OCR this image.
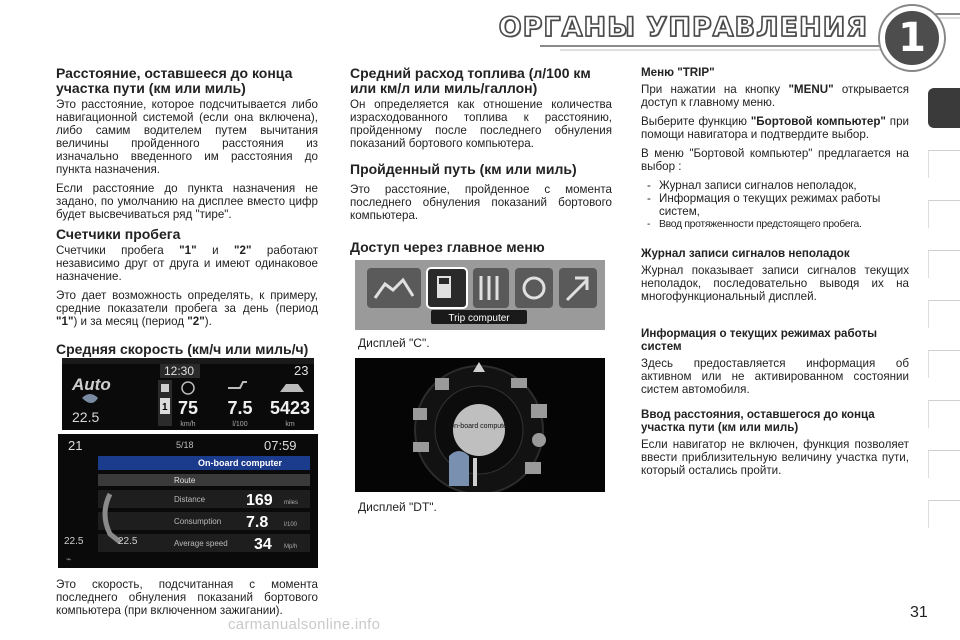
ОРГАНЫ УПРАВЛЕНИЯ 1
Расстояние, оставшееся до конца участка пути (км или миль)

Это расстояние, которое подсчитывается либо навигационной системой (если она включена), либо самим водителем путем вычитания величины пройденного расстояния из изначально введенного им расстояния до пункта назначения.

Если расстояние до пункта назначения не задано, по умолчанию на дисплее вместо цифр будет высвечиваться ряд "тире".

Счетчики пробега

Счетчики пробега "1" и "2" работают независимо друг от друга и имеют одинаковое назначение.

Это дает возможность определять, к примеру, средние показатели пробега за день (период "1") и за месяц (период "2").

Средняя скорость (км/ч или миль/ч)
Auto
22.5
12:30	23
1 75
km/h
7.5
l/100
5423
km
21	5/18	07:59
On-board computer
Route
Distance	169 miles
Consumption 7.8	l/100
Average speed 34 Mp/h
22.5
⌁
22.5

Это скорость, подсчитанная с момента последнего обнуления показаний бортового компьютера (при включенном зажигании).

Средний расход топлива (л/100 км или км/л или миль/галлон)

Он определяется как отношение количества израсходованного топлива к расстоянию, пройденному после последнего обнуления показаний бортового компьютера.

Пройденный путь (км или миль)

Это расстояние, пройденное с момента последнего обнуления показаний бортового компьютера.

Доступ через главное меню
Trip computer
Дисплей "C".
On-board computer
Дисплей "DT".
Меню "TRIP"

При нажатии на кнопку "MENU" открывается доступ к главному меню.

Выберите функцию "Бортовой компьютер" при помощи навигатора и подтвердите выбор.

В меню "Бортовой компьютер" предлагается на выбор :

- Журнал записи сигналов неполадок,
- Информация о текущих режимах работы систем,
- Ввод протяженности предстоящего пробега.
Журнал записи сигналов неполадок

Журнал показывает записи сигналов текущих неполадок, последовательно выводя их на многофункциональный дисплей.

Информация о текущих режимах работы систем

Здесь предоставляется информация об активном или не активированном состоянии систем автомобиля.

Ввод расстояния, оставшегося до конца участка пути (км или миль)

Если навигатор не включен, функция позволяет ввести приблизительную величину участка пути, который остались пройти.

31
carmanualsonline.info
